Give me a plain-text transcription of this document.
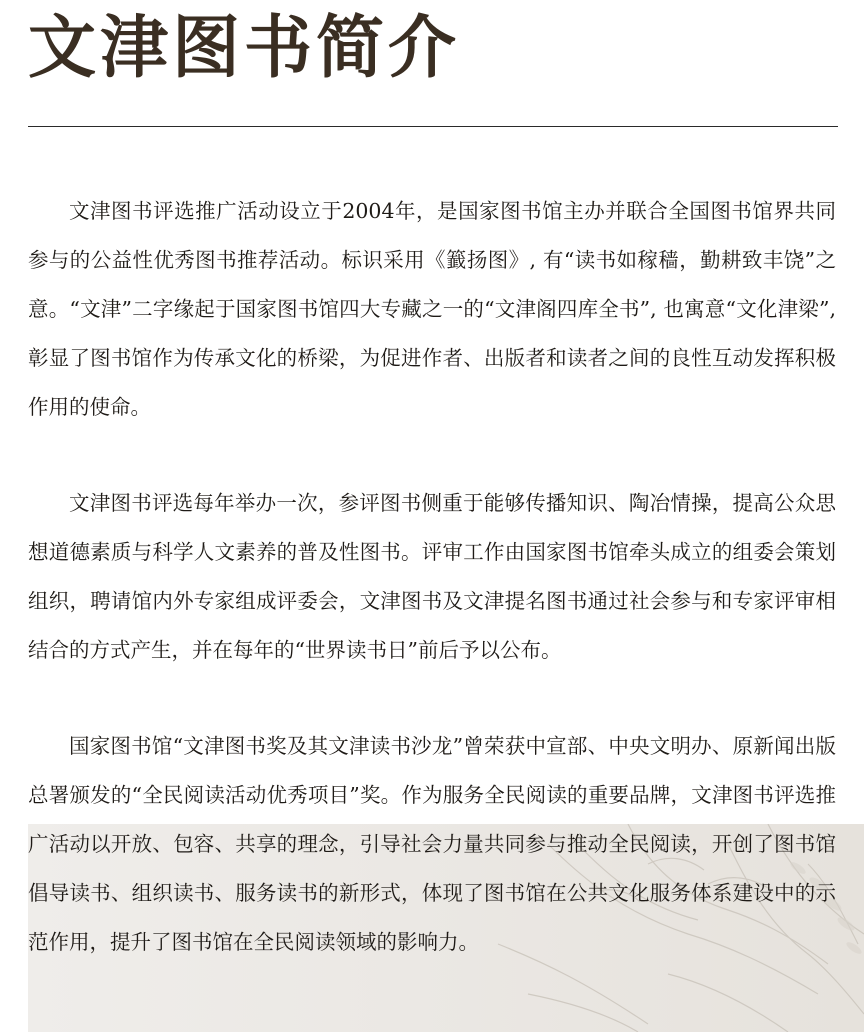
文津图书简介

文津图书评选推广活动设立于2004年，是国家图书馆主办并联合全国图书馆界共同参与的公益性优秀图书推荐活动。标识采用《籖扬图》, 有“读书如稼穑，勤耕致丰饶”之意。“文津”二字缘起于国家图书馆四大专藏之一的“文津阁四库全书”, 也寓意“文化津梁”, 彰显了图书馆作为传承文化的桥梁，为促进作者、出版者和读者之间的良性互动发挥积极作用的使命。

文津图书评选每年举办一次，参评图书侧重于能够传播知识、陶冶情操，提高公众思想道德素质与科学人文素养的普及性图书。评审工作由国家图书馆牵头成立的组委会策划组织，聘请馆内外专家组成评委会，文津图书及文津提名图书通过社会参与和专家评审相结合的方式产生，并在每年的“世界读书日”前后予以公布。

国家图书馆“文津图书奖及其文津读书沙龙”曾荣获中宣部、中央文明办、原新闻出版总署颁发的“全民阅读活动优秀项目”奖。作为服务全民阅读的重要品牌，文津图书评选推广活动以开放、包容、共享的理念，引导社会力量共同参与推动全民阅读，开创了图书馆倡导读书、组织读书、服务读书的新形式，体现了图书馆在公共文化服务体系建设中的示范作用，提升了图书馆在全民阅读领域的影响力。
